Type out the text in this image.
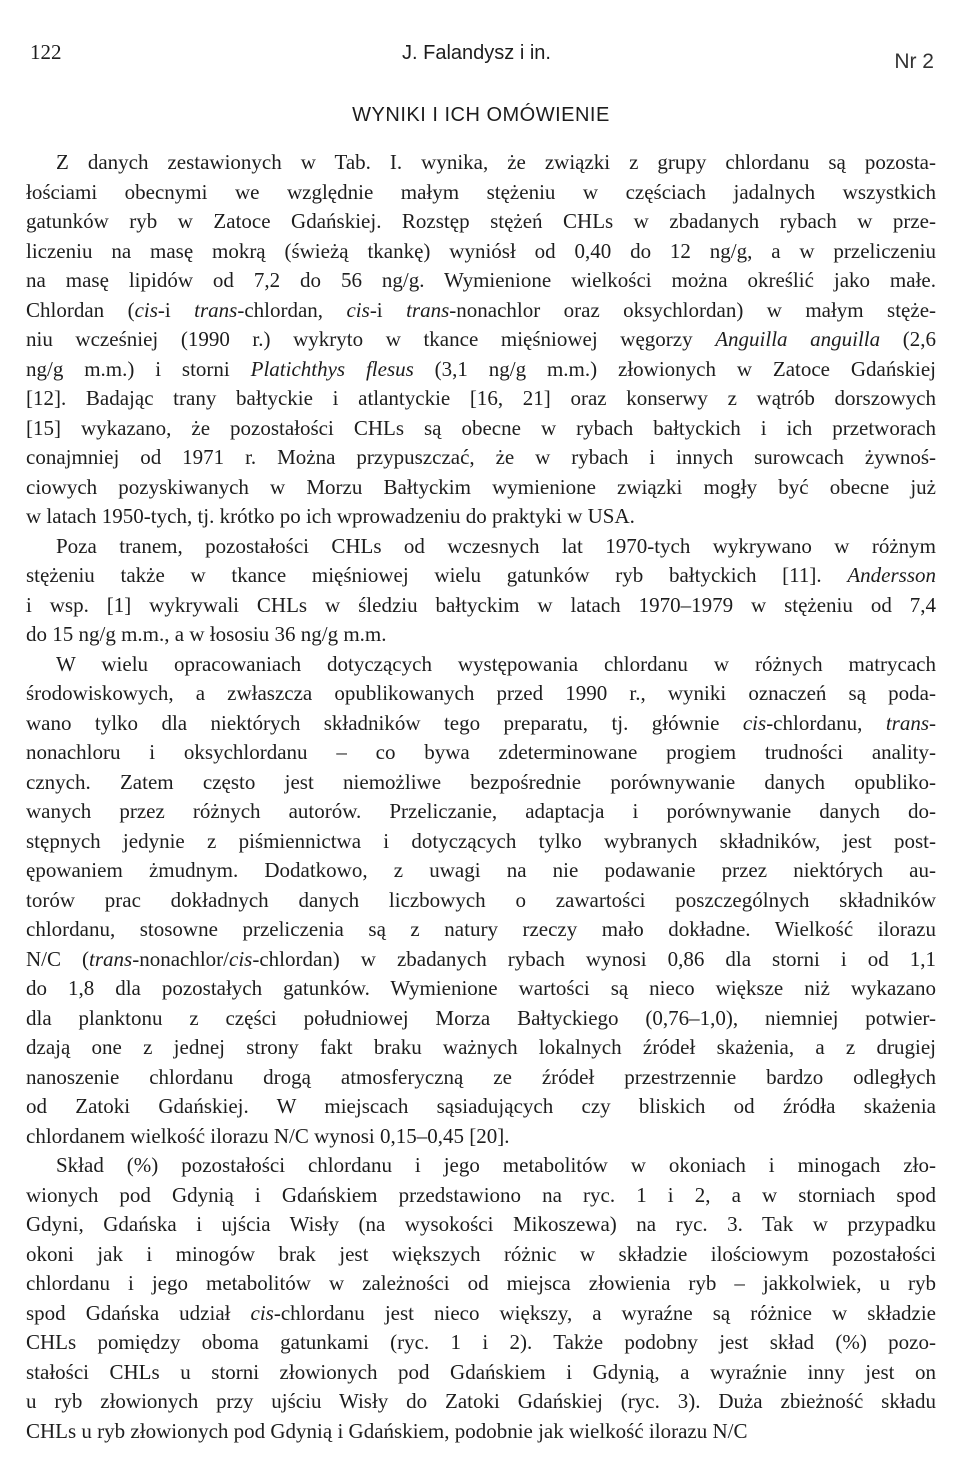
122	J. Falandysz i in.	Nr 2
WYNIKI I ICH OMÓWIENIE
Z danych zestawionych w Tab. I. wynika, że związki z grupy chlordanu są pozosta-
łościami obecnymi we względnie małym stężeniu w częściach jadalnych wszystkich
gatunków ryb w Zatoce Gdańskiej. Rozstęp stężeń CHLs w zbadanych rybach w prze-
liczeniu na masę mokrą (świeżą tkankę) wyniósł od 0,40 do 12 ng/g, a w przeliczeniu
na masę lipidów od 7,2 do 56 ng/g. Wymienione wielkości można określić jako małe.
Chlordan (cis-i trans-chlordan, cis-i trans-nonachlor oraz oksychlordan) w małym stęże-
niu wcześniej (1990 r.) wykryto w tkance mięśniowej węgorzy Anguilla anguilla (2,6
ng/g m.m.) i storni Platichthys flesus (3,1 ng/g m.m.) złowionych w Zatoce Gdańskiej
[12]. Badając trany bałtyckie i atlantyckie [16, 21] oraz konserwy z wątrób dorszowych
[15] wykazano, że pozostałości CHLs są obecne w rybach bałtyckich i ich przetworach
conajmniej od 1971 r. Można przypuszczać, że w rybach i innych surowcach żywnoś-
ciowych pozyskiwanych w Morzu Bałtyckim wymienione związki mogły być obecne już
w latach 1950-tych, tj. krótko po ich wprowadzeniu do praktyki w USA.
Poza tranem, pozostałości CHLs od wczesnych lat 1970-tych wykrywano w różnym
stężeniu także w tkance mięśniowej wielu gatunków ryb bałtyckich [11]. Andersson
i wsp. [1] wykrywali CHLs w śledziu bałtyckim w latach 1970–1979 w stężeniu od 7,4
do 15 ng/g m.m., a w łososiu 36 ng/g m.m.
W wielu opracowaniach dotyczących występowania chlordanu w różnych matrycach
środowiskowych, a zwłaszcza opublikowanych przed 1990 r., wyniki oznaczeń są poda-
wano tylko dla niektórych składników tego preparatu, tj. głównie cis-chlordanu, trans-
nonachloru i oksychlordanu – co bywa zdeterminowane progiem trudności anality-
cznych. Zatem często jest niemożliwe bezpośrednie porównywanie danych opubliko-
wanych przez różnych autorów. Przeliczanie, adaptacja i porównywanie danych do-
stępnych jedynie z piśmiennictwa i dotyczących tylko wybranych składników, jest post-
ępowaniem żmudnym. Dodatkowo, z uwagi na nie podawanie przez niektórych au-
torów prac dokładnych danych liczbowych o zawartości poszczególnych składników
chlordanu, stosowne przeliczenia są z natury rzeczy mało dokładne. Wielkość ilorazu
N/C (trans-nonachlor/cis-chlordan) w zbadanych rybach wynosi 0,86 dla storni i od 1,1
do 1,8 dla pozostałych gatunków. Wymienione wartości są nieco większe niż wykazano
dla planktonu z części południowej Morza Bałtyckiego (0,76–1,0), niemniej potwier-
dzają one z jednej strony fakt braku ważnych lokalnych źródeł skażenia, a z drugiej
nanoszenie chlordanu drogą atmosferyczną ze źródeł przestrzennie bardzo odległych
od Zatoki Gdańskiej. W miejscach sąsiadujących czy bliskich od źródła skażenia
chlordanem wielkość ilorazu N/C wynosi 0,15–0,45 [20].
Skład (%) pozostałości chlordanu i jego metabolitów w okoniach i minogach zło-
wionych pod Gdynią i Gdańskiem przedstawiono na ryc. 1 i 2, a w storniach spod
Gdyni, Gdańska i ujścia Wisły (na wysokości Mikoszewa) na ryc. 3. Tak w przypadku
okoni jak i minogów brak jest większych różnic w składzie ilościowym pozostałości
chlordanu i jego metabolitów w zależności od miejsca złowienia ryb – jakkolwiek, u ryb
spod Gdańska udział cis-chlordanu jest nieco większy, a wyraźne są różnice w składzie
CHLs pomiędzy oboma gatunkami (ryc. 1 i 2). Także podobny jest skład (%) pozo-
stałości CHLs u storni złowionych pod Gdańskiem i Gdynią, a wyraźnie inny jest on
u ryb złowionych przy ujściu Wisły do Zatoki Gdańskiej (ryc. 3). Duża zbieżność składu
CHLs u ryb złowionych pod Gdynią i Gdańskiem, podobnie jak wielkość ilorazu N/C
